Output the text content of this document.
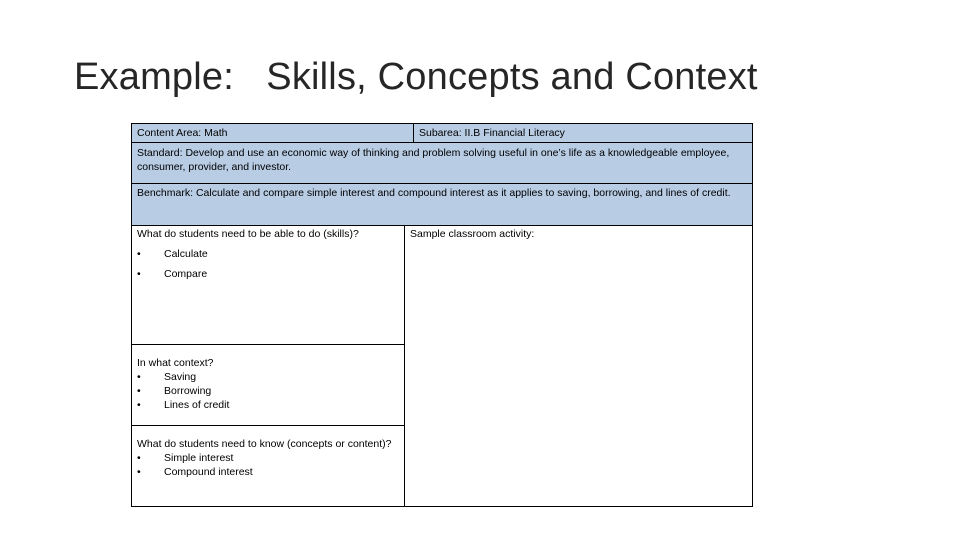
Example:   Skills, Concepts and Context
Content Area: Math	Subarea: II.B Financial Literacy
Standard: Develop and use an economic way of thinking and problem solving useful in one’s life as a knowledgeable employee, consumer, provider, and investor.
Benchmark: Calculate and compare simple interest and compound interest as it applies to saving, borrowing, and lines of credit.
What do students need to be able to do (skills)?
•	Calculate
•	Compare
In what context?
•	Saving
•	Borrowing
•	Lines of credit
What do students need to know (concepts or content)?
•	Simple interest
•	Compound interest
Sample classroom activity:
